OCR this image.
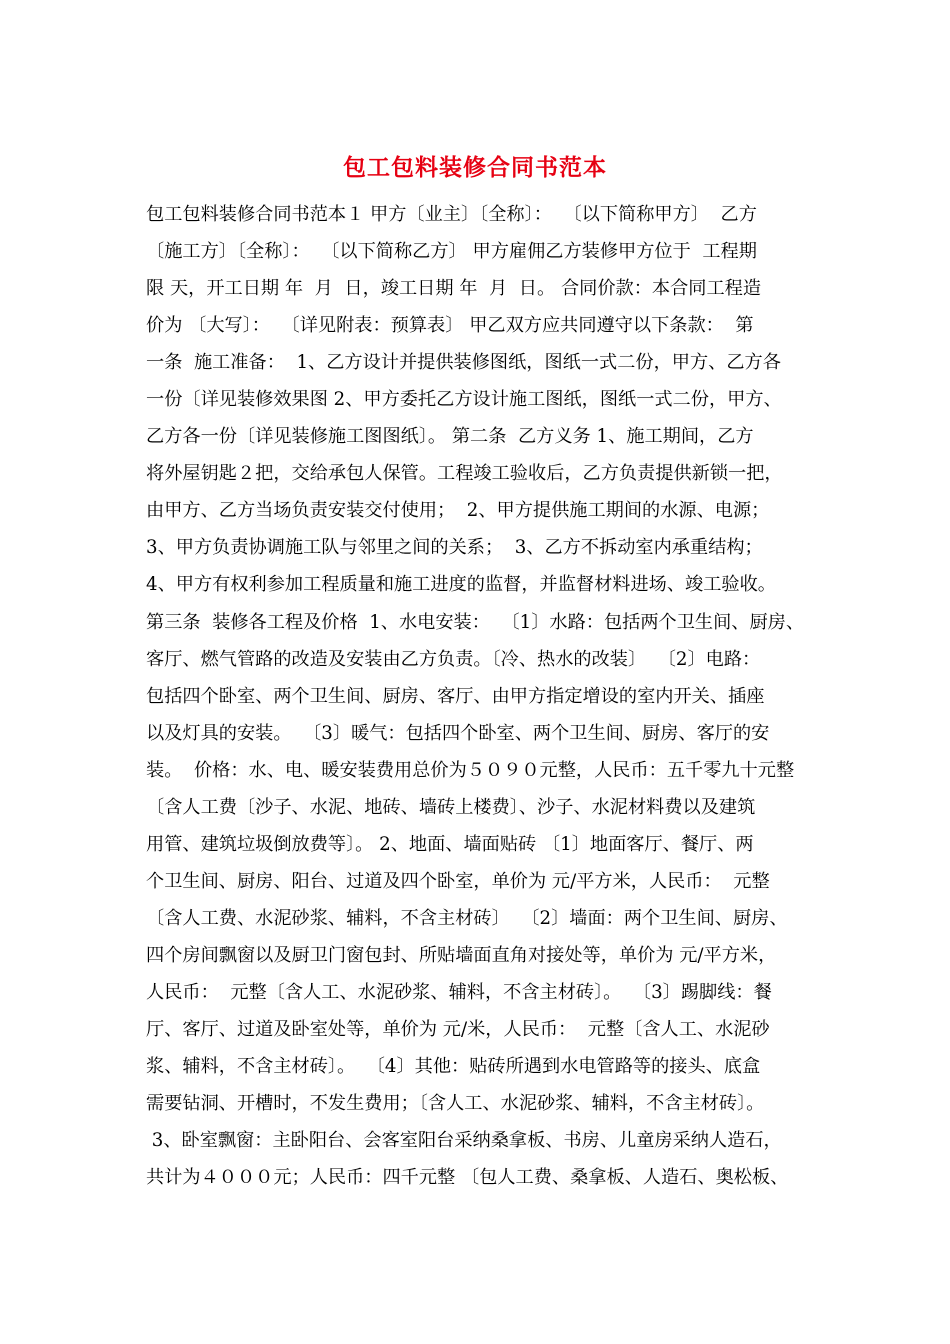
包工包料装修合同书范本
包工包料装修合同书范本１ 甲方〔业主〕〔全称〕：  〔以下简称甲方〕  乙方
〔施工方〕〔全称〕：  〔以下简称乙方〕 甲方雇佣乙方装修甲方位于  工程期
限 天，开工日期 年  月  日，竣工日期 年  月  日。 合同价款：本合同工程造
价为 〔大写〕：  〔详见附表：预算表〕 甲乙双方应共同遵守以下条款：  第
一条  施工准备：  1、乙方设计并提供装修图纸，图纸一式二份，甲方、乙方各
一份〔详见装修效果图 2、甲方委托乙方设计施工图纸，图纸一式二份，甲方、
乙方各一份〔详见装修施工图图纸〕。 第二条  乙方义务 1、施工期间，乙方
将外屋钥匙２把，交给承包人保管。工程竣工验收后，乙方负责提供新锁一把，
由甲方、乙方当场负责安装交付使用；  2、甲方提供施工期间的水源、电源；
3、甲方负责协调施工队与邻里之间的关系；  3、乙方不拆动室内承重结构；
4、甲方有权利参加工程质量和施工进度的监督，并监督材料进场、竣工验收。
第三条  装修各工程及价格  1、水电安装：  〔1〕水路：包括两个卫生间、厨房、
客厅、燃气管路的改造及安装由乙方负责。〔冷、热水的改装〕  〔2〕电路：
包括四个卧室、两个卫生间、厨房、客厅、由甲方指定增设的室内开关、插座
以及灯具的安装。  〔3〕暖气：包括四个卧室、两个卫生间、厨房、客厅的安
装。  价格：水、电、暖安装费用总价为５０９０元整，人民币：五千零九十元整
〔含人工费〔沙子、水泥、地砖、墙砖上楼费〕、沙子、水泥材料费以及建筑
用管、建筑垃圾倒放费等〕。 2、地面、墙面贴砖 〔1〕地面客厅、餐厅、两
个卫生间、厨房、阳台、过道及四个卧室，单价为 元/平方米，人民币：  元整
〔含人工费、水泥砂浆、辅料，不含主材砖〕  〔2〕墙面：两个卫生间、厨房、
四个房间飘窗以及厨卫门窗包封、所贴墙面直角对接处等，单价为 元/平方米，
人民币：  元整〔含人工、水泥砂浆、辅料，不含主材砖〕。  〔3〕踢脚线：餐
厅、客厅、过道及卧室处等，单价为 元/米，人民币：  元整〔含人工、水泥砂
浆、辅料，不含主材砖〕。  〔4〕其他：贴砖所遇到水电管路等的接头、底盒
需要钻洞、开槽时，不发生费用；〔含人工、水泥砂浆、辅料，不含主材砖〕。
3、卧室飘窗：主卧阳台、会客室阳台采纳桑拿板、书房、儿童房采纳人造石，
共计为４０００元；人民币：四千元整 〔包人工费、桑拿板、人造石、奥松板、
